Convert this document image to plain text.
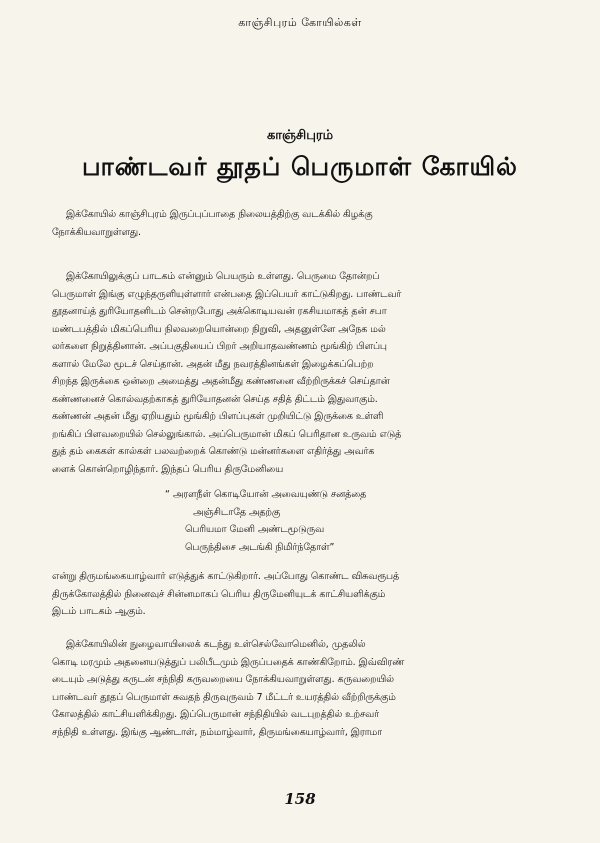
காஞ்சிபுரம் கோயில்கள்
காஞ்சிபுரம்
பாண்டவர் தூதப் பெருமாள் கோயில்
இக்கோயில் காஞ்சிபுரம் இருப்புப்பாதை நிலையத்திற்கு வடக்கில் கிழக்கு
நோக்கியவாறுள்ளது.
இக்கோயிலுக்குப் பாடகம் என்னும் பெயரும் உள்ளது. பெருமை தோன்றப்
பெருமாள் இங்கு எழுந்தருளியுள்ளார் என்பதை இப்பெயர் காட்டுகிறது. பாண்டவர்
தூதனாய்த் துரியோதனிடம் சென்றபோது அக்கொடியவன் ரகசியமாகத் தன் சபா
மண்டபத்தில் மிகப்பெரிய நிலவறையொன்றை நிறுவி, அதனுள்ளே அநேக மல்
லர்களை நிறுத்தினான். அப்பகுதியைப் பிறர் அறியாதவண்ணம் மூங்கிற் பிளப்பு
களால் மேலே மூடச் செய்தான். அதன் மீது நவரத்தினங்கள் இழைக்கப்பெற்ற
சிறந்த இருக்கை ஒன்றை அமைத்து அதன்மீது கண்ணனை வீற்றிருக்கச் செய்தான்
கண்ணனைச் கொல்வதற்காகத் துரியோதனன் செய்த சதித் திட்டம் இதுவாகும்.
கண்ணன் அதன் மீது ஏறியதும் மூங்கிற் பிளப்புகள் முறியிட்டு இருக்கை உள்ளி
றங்கிப் பிளவறையில் செல்லுங்கால். அப்பெருமான் மிகப் பெரிதான உருவம் எடுத்
துத் தம் கைகள் கால்கள் பலவற்றைக் கொண்டு மன்னர்களை எதிர்த்து அவர்க
ளைக் கொன்றொழிந்தார். இந்தப் பெரிய திருமேனியை
“ அரளநீள் கொடியோன் அவையுண்டு சனத்தை
அஞ்சிடாதே அதற்கு
பெரியமா மேனி அண்டமூடுருவ
பெருந்திசை அடங்கி நிமிர்ந்தோள்”
என்று திருமங்கையாழ்வார் எடுத்துக் காட்டுகிறார். அப்போது கொண்ட விசுவரூபத்
திருக்கோலத்தில் நினைவுச் சின்னமாகப் பெரிய திருமேனியுடக் காட்சியளிக்கும்
இடம் பாடகம் ஆகும்.
இக்கோயிலின் நுழைவாயிலைக் கடந்து உள்செல்வோமெனில், முதலில்
கொடி மரமும் அதனையடுத்துப் பலிபீடமும் இருப்பதைக் காண்கிறோம். இவ்விரண்
டையும் அடுத்து கருடன் சந்நிதி கருவறையை நோக்கியவாறுள்ளது. கருவறையில்
பாண்டவர் தூதப் பெருமாள் சுவதந் திருவுருவம் 7 மீட்டர் உயரத்தில் வீற்றிருக்கும்
கோலத்தில் காட்சியளிக்கிறது. இப்பெருமான் சந்நிதியில் வடபுறத்தில் உற்சவர்
சந்நிதி உள்ளது. இங்கு ஆண்டாள், நம்மாழ்வார், திருமங்கையாழ்வார், இராமா
158
